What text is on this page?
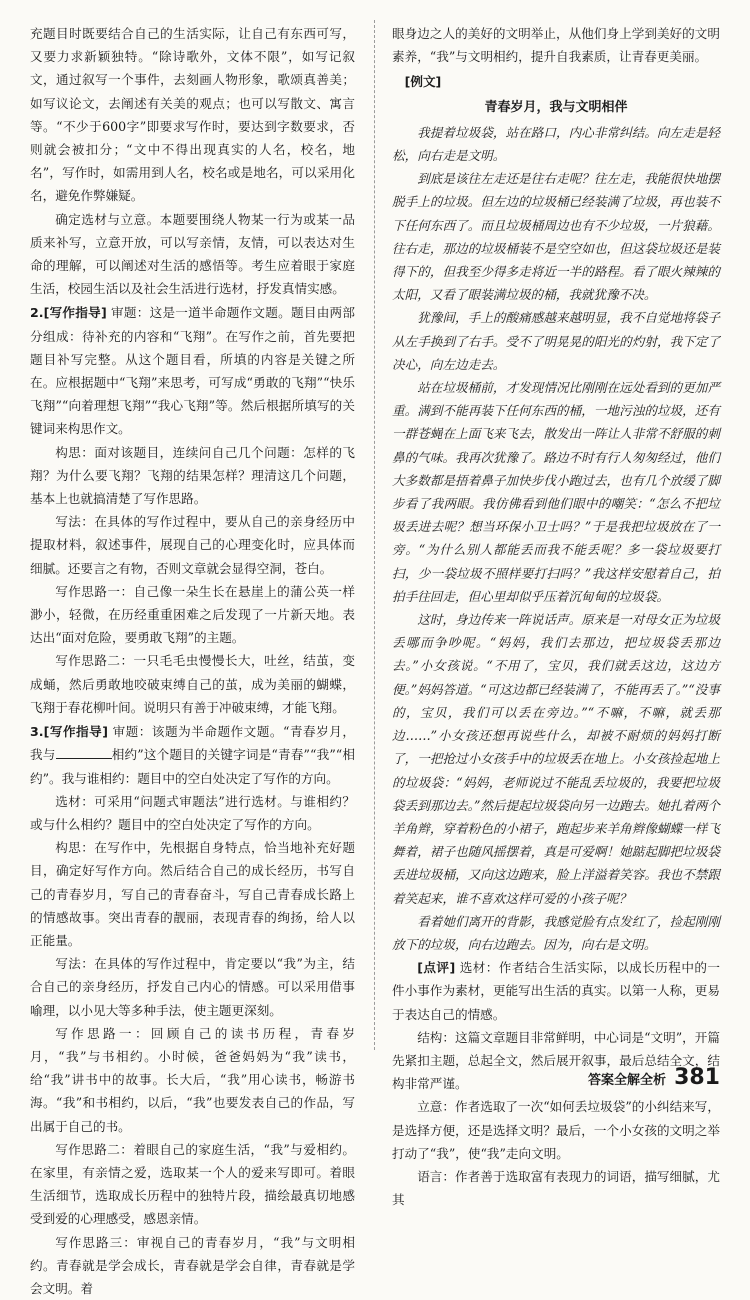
充题目时既要结合自己的生活实际，让自己有东西可写，又要力求新颖独特。“除诗歌外，文体不限”，如写记叙文，通过叙写一个事件，去刻画人物形象，歌颂真善美；如写议论文，去阐述有关美的观点；也可以写散文、寓言等。“不少于600字”即要求写作时，要达到字数要求，否则就会被扣分；“文中不得出现真实的人名，校名，地名”，写作时，如需用到人名，校名或是地名，可以采用化名，避免作弊嫌疑。

确定选材与立意。本题要围绕人物某一行为或某一品质来补写，立意开放，可以写亲情，友情，可以表达对生命的理解，可以阐述对生活的感悟等。考生应着眼于家庭生活，校园生活以及社会生活进行选材，抒发真情实感。

2.[写作指导] 审题：这是一道半命题作文题。题目由两部分组成：待补充的内容和“飞翔”。在写作之前，首先要把题目补写完整。从这个题目看，所填的内容是关键之所在。应根据题中“飞翔”来思考，可写成“勇敢的飞翔”“快乐飞翔”“向着理想飞翔”“我心飞翔”等。然后根据所填写的关键词来构思作文。

构思：面对该题目，连续问自己几个问题：怎样的飞翔？为什么要飞翔？飞翔的结果怎样？理清这几个问题，基本上也就搞清楚了写作思路。

写法：在具体的写作过程中，要从自己的亲身经历中提取材料，叙述事件，展现自己的心理变化时，应具体而细腻。还要言之有物，否则文章就会显得空洞，苍白。

写作思路一：自己像一朵生长在悬崖上的蒲公英一样渺小，轻微，在历经重重困难之后发现了一片新天地。表达出“面对危险，要勇敢飞翔”的主题。

写作思路二：一只毛毛虫慢慢长大，吐丝，结茧，变成蛹，然后勇敢地咬破束缚自己的茧，成为美丽的蝴蝶，飞翔于春花柳叶间。说明只有善于冲破束缚，才能飞翔。

3.[写作指导] 审题：该题为半命题作文题。“青春岁月，我与	相约”这个题目的关键字词是“青春”“我”“相约”。我与谁相约：题目中的空白处决定了写作的方向。

选材：可采用“问题式审题法”进行选材。与谁相约？或与什么相约？题目中的空白处决定了写作的方向。

构思：在写作中，先根据自身特点，恰当地补充好题目，确定好写作方向。然后结合自己的成长经历，书写自己的青春岁月，写自己的青春奋斗，写自己青春成长路上的情感故事。突出青春的靓丽，表现青春的绚扬，给人以正能量。

写法：在具体的写作过程中，肯定要以“我”为主，结合自己的亲身经历，抒发自己内心的情感。可以采用借事喻理，以小见大等多种手法，使主题更深刻。

写作思路一：回顾自己的读书历程，青春岁月，“我”与书相约。小时候，爸爸妈妈为“我”读书，给“我”讲书中的故事。长大后，“我”用心读书，畅游书海。“我”和书相约，以后，“我”也要发表自己的作品，写出属于自己的书。

写作思路二：着眼自己的家庭生活，“我”与爱相约。在家里，有亲情之爱，选取某一个人的爱来写即可。着眼生活细节，选取成长历程中的独特片段，描绘最真切地感受到爱的心理感受，感恩亲情。

写作思路三：审视自己的青春岁月，“我”与文明相约。青春就是学会成长，青春就是学会自律，青春就是学会文明。着

眼身边之人的美好的文明举止，从他们身上学到美好的文明素养，“我”与文明相约，提升自我素质，让青春更美丽。

[例文]

青春岁月，我与文明相伴

我提着垃圾袋，站在路口，内心非常纠结。向左走是轻松，向右走是文明。

到底是该往左走还是往右走呢？往左走，我能很快地摆脱手上的垃圾。但左边的垃圾桶已经装满了垃圾，再也装不下任何东西了。而且垃圾桶周边也有不少垃圾，一片狼藉。往右走，那边的垃圾桶装不是空空如也，但这袋垃圾还是装得下的，但我至少得多走将近一半的路程。看了眼火辣辣的太阳，又看了眼装满垃圾的桶，我就犹豫不决。

犹豫间，手上的酸痛感越来越明显，我不自觉地将袋子从左手换到了右手。受不了明晃晃的阳光的灼射，我下定了决心，向左边走去。

站在垃圾桶前，才发现情况比刚刚在远处看到的更加严重。满到不能再装下任何东西的桶，一地污浊的垃圾，还有一群苍蝇在上面飞来飞去，散发出一阵让人非常不舒服的刺鼻的气味。我再次犹豫了。路边不时有行人匆匆经过，他们大多数都是捂着鼻子加快步伐小跑过去，也有几个放缓了脚步看了我两眼。我仿佛看到他们眼中的嘲笑：“怎么不把垃圾丢进去呢？想当环保小卫士吗？”于是我把垃圾放在了一旁。“为什么别人都能丢而我不能丢呢？多一袋垃圾要打扫，少一袋垃圾不照样要打扫吗？”我这样安慰着自己，拍拍手往回走，但心里却似乎压着沉甸甸的垃圾袋。

这时，身边传来一阵说话声。原来是一对母女正为垃圾丢哪而争吵呢。“妈妈，我们去那边，把垃圾袋丢那边去。”小女孩说。“不用了，宝贝，我们就丢这边，这边方便。”妈妈答道。“可这边都已经装满了，不能再丢了。”“没事的，宝贝，我们可以丢在旁边。”“不嘛，不嘛，就丢那边……”小女孩还想再说些什么，却被不耐烦的妈妈打断了，一把抢过小女孩手中的垃圾丢在地上。小女孩捡起地上的垃圾袋：“妈妈，老师说过不能乱丢垃圾的，我要把垃圾袋丢到那边去。”然后提起垃圾袋向另一边跑去。她扎着两个羊角辫，穿着粉色的小裙子，跑起步来羊角辫像蝴蝶一样飞舞着，裙子也随风摇摆着，真是可爱啊！她踮起脚把垃圾袋丢进垃圾桶，又向这边跑来，脸上洋溢着笑容。我也不禁跟着笑起来，谁不喜欢这样可爱的小孩子呢？

看着她们离开的背影，我感觉脸有点发红了，捡起刚刚放下的垃圾，向右边跑去。因为，向右是文明。

[点评] 选材：作者结合生活实际，以成长历程中的一件小事作为素材，更能写出生活的真实。以第一人称，更易于表达自己的情感。

结构：这篇文章题目非常鲜明，中心词是“文明”，开篇先紧扣主题，总起全文，然后展开叙事，最后总结全文，结构非常严谨。

立意：作者选取了一次“如何丢垃圾袋”的小纠结来写，是选择方便，还是选择文明？最后，一个小女孩的文明之举打动了“我”，使“我”走向文明。

语言：作者善于选取富有表现力的词语，描写细腻，尤其

答案全解全析 381
